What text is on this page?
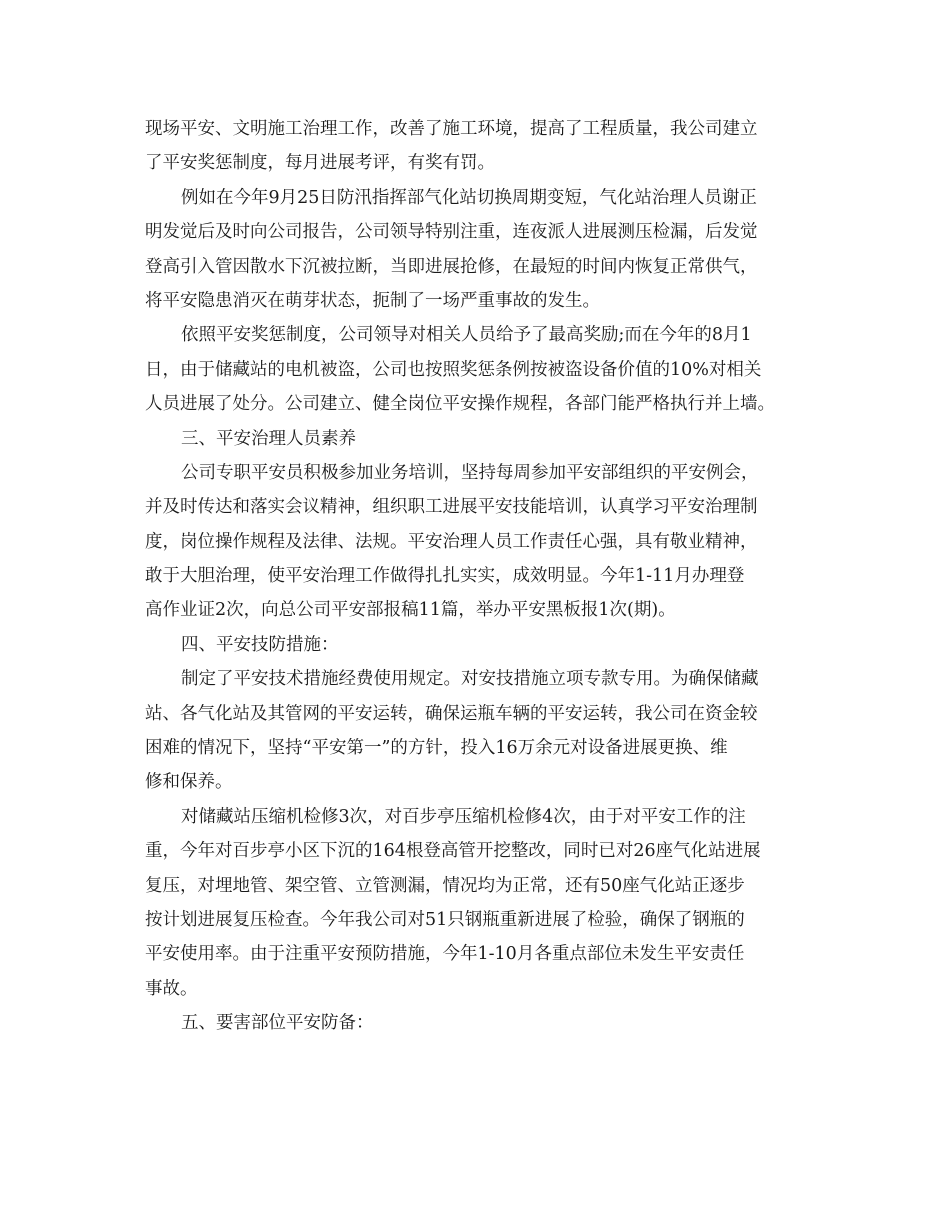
现场平安、文明施工治理工作，改善了施工环境，提高了工程质量，我公司建立
了平安奖惩制度，每月进展考评，有奖有罚。
例如在今年9月25日防汛指挥部气化站切换周期变短，气化站治理人员谢正
明发觉后及时向公司报告，公司领导特别注重，连夜派人进展测压检漏，后发觉
登高引入管因散水下沉被拉断，当即进展抢修，在最短的时间内恢复正常供气，
将平安隐患消灭在萌芽状态，扼制了一场严重事故的发生。
依照平安奖惩制度，公司领导对相关人员给予了最高奖励;而在今年的8月1
日，由于储藏站的电机被盗，公司也按照奖惩条例按被盗设备价值的10%对相关
人员进展了处分。公司建立、健全岗位平安操作规程，各部门能严格执行并上墙。
三、平安治理人员素养
公司专职平安员积极参加业务培训，坚持每周参加平安部组织的平安例会，
并及时传达和落实会议精神，组织职工进展平安技能培训，认真学习平安治理制
度，岗位操作规程及法律、法规。平安治理人员工作责任心强，具有敬业精神，
敢于大胆治理，使平安治理工作做得扎扎实实，成效明显。今年1-11月办理登
高作业证2次，向总公司平安部报稿11篇，举办平安黑板报1次(期)。
四、平安技防措施：
制定了平安技术措施经费使用规定。对安技措施立项专款专用。为确保储藏
站、各气化站及其管网的平安运转，确保运瓶车辆的平安运转，我公司在资金较
困难的情况下，坚持“平安第一”的方针，投入16万余元对设备进展更换、维
修和保养。
对储藏站压缩机检修3次，对百步亭压缩机检修4次，由于对平安工作的注
重，今年对百步亭小区下沉的164根登高管开挖整改，同时已对26座气化站进展
复压，对埋地管、架空管、立管测漏，情况均为正常，还有50座气化站正逐步
按计划进展复压检查。今年我公司对51只钢瓶重新进展了检验，确保了钢瓶的
平安使用率。由于注重平安预防措施，今年1-10月各重点部位未发生平安责任
事故。
五、要害部位平安防备：
